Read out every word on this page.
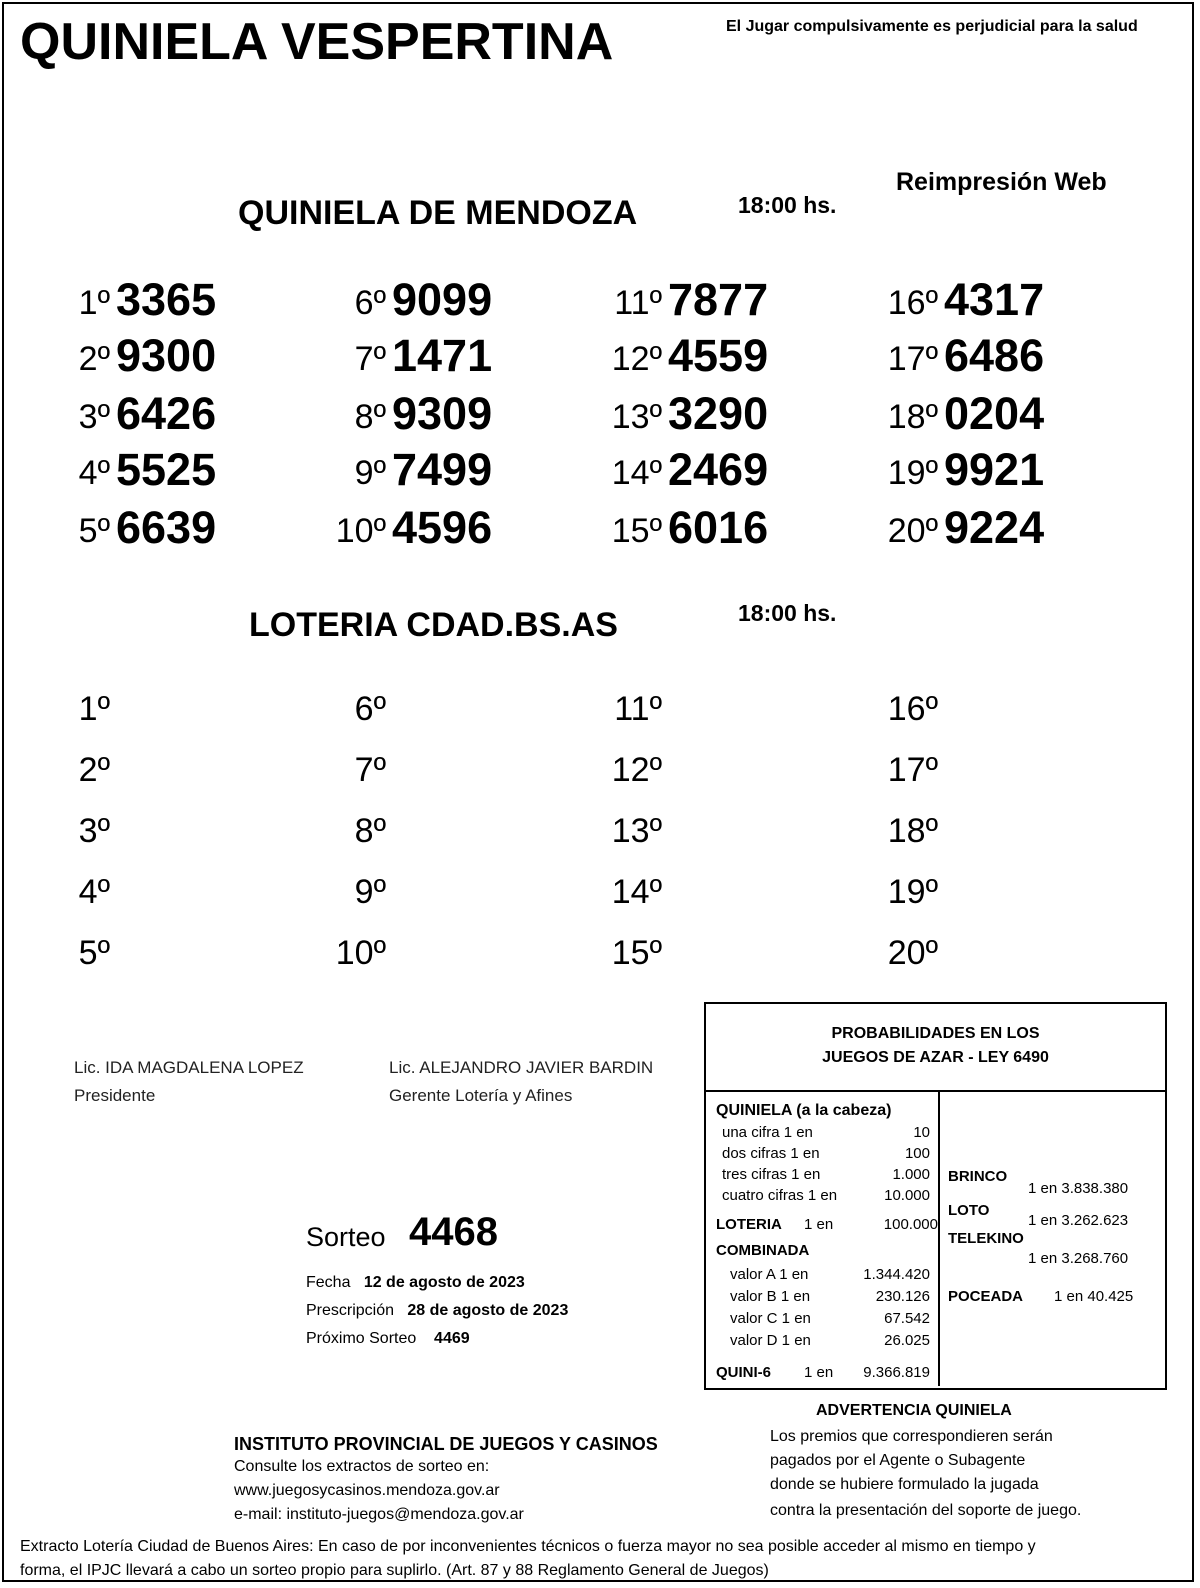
QUINIELA VESPERTINA	El Jugar compulsivamente es perjudicial para la salud
Reimpresión Web
QUINIELA DE MENDOZA	18:00 hs.
1º 3365
2º 9300
3º 6426
4º 5525
5º 6639
6º 9099
7º 1471
8º 9309
9º 7499
10º 4596
11º 7877
12º 4559
13º 3290
14º 2469
15º 6016
16º 4317
17º 6486
18º 0204
19º 9921
20º 9224
LOTERIA CDAD.BS.AS	18:00 hs.
1º
2º
3º
4º
5º
6º
7º
8º
9º
10º
11º
12º
13º
14º
15º
16º
17º
18º
19º
20º
Lic. IDA MAGDALENA LOPEZ
Presidente
Lic. ALEJANDRO JAVIER BARDIN
Gerente Lotería y Afines
Sorteo 4468
Fecha 12 de agosto de 2023
Prescripción 28 de agosto de 2023
Próximo Sorteo 4469
PROBABILIDADES EN LOS
JUEGOS DE AZAR - LEY 6490
QUINIELA (a la cabeza)
una cifra 1 en	10
dos cifras 1 en	100
tres cifras 1 en	1.000
cuatro cifras 1 en	10.000
LOTERIA 1 en	100.000
COMBINADA
valor A 1 en	1.344.420
valor B 1 en	230.126
valor C 1 en	67.542
valor D 1 en	26.025
QUINI-6 1 en 9.366.819
BRINCO
1 en 3.838.380
LOTO
1 en 3.262.623
TELEKINO
1 en 3.268.760
POCEADA 1 en 40.425
ADVERTENCIA QUINIELA
Los premios que correspondieren serán
pagados por el Agente o Subagente
donde se hubiere formulado la jugada
contra la presentación del soporte de juego.
INSTITUTO PROVINCIAL DE JUEGOS Y CASINOS
Consulte los extractos de sorteo en:
www.juegosycasinos.mendoza.gov.ar
e-mail: instituto-juegos@mendoza.gov.ar
Extracto Lotería Ciudad de Buenos Aires: En caso de por inconvenientes técnicos o fuerza mayor no sea posible acceder al mismo en tiempo y
forma, el IPJC llevará a cabo un sorteo propio para suplirlo. (Art. 87 y 88 Reglamento General de Juegos)
